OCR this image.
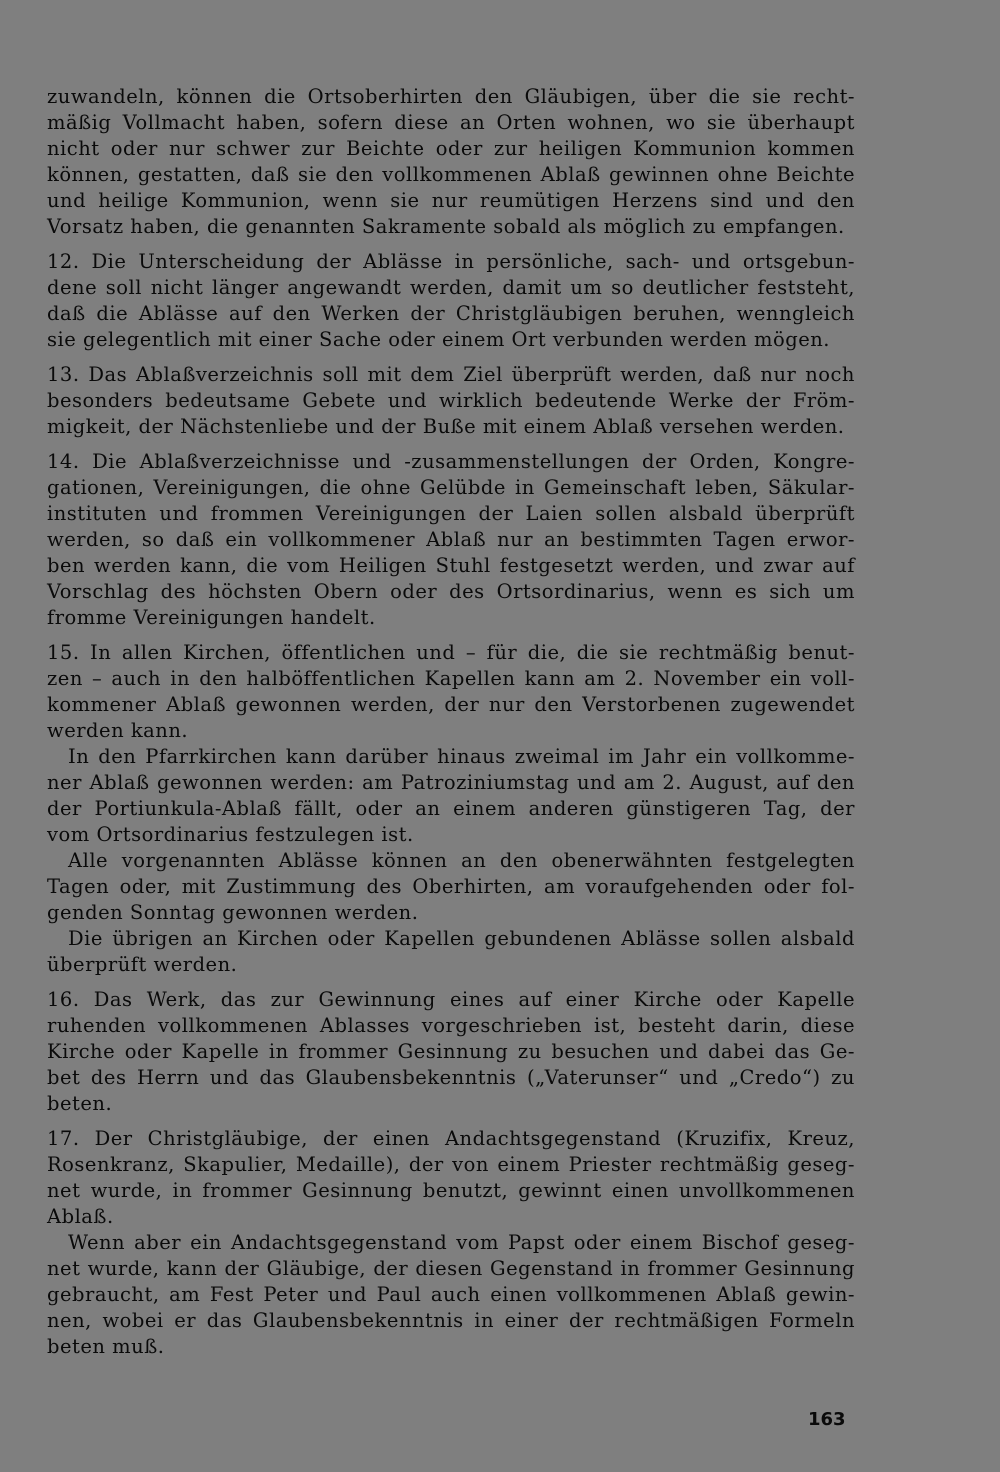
zuwandeln, können die Ortsoberhirten den Gläubigen, über die sie recht-
mäßig Vollmacht haben, sofern diese an Orten wohnen, wo sie überhaupt
nicht oder nur schwer zur Beichte oder zur heiligen Kommunion kommen
können, gestatten, daß sie den vollkommenen Ablaß gewinnen ohne Beichte
und heilige Kommunion, wenn sie nur reumütigen Herzens sind und den
Vorsatz haben, die genannten Sakramente sobald als möglich zu empfangen.
12. Die Unterscheidung der Ablässe in persönliche, sach- und ortsgebun-
dene soll nicht länger angewandt werden, damit um so deutlicher feststeht,
daß die Ablässe auf den Werken der Christgläubigen beruhen, wenngleich
sie gelegentlich mit einer Sache oder einem Ort verbunden werden mögen.
13. Das Ablaßverzeichnis soll mit dem Ziel überprüft werden, daß nur noch
besonders bedeutsame Gebete und wirklich bedeutende Werke der Fröm-
migkeit, der Nächstenliebe und der Buße mit einem Ablaß versehen werden.
14. Die Ablaßverzeichnisse und -zusammenstellungen der Orden, Kongre-
gationen, Vereinigungen, die ohne Gelübde in Gemeinschaft leben, Säkular-
instituten und frommen Vereinigungen der Laien sollen alsbald überprüft
werden, so daß ein vollkommener Ablaß nur an bestimmten Tagen erwor-
ben werden kann, die vom Heiligen Stuhl festgesetzt werden, und zwar auf
Vorschlag des höchsten Obern oder des Ortsordinarius, wenn es sich um
fromme Vereinigungen handelt.
15. In allen Kirchen, öffentlichen und – für die, die sie rechtmäßig benut-
zen – auch in den halböffentlichen Kapellen kann am 2. November ein voll-
kommener Ablaß gewonnen werden, der nur den Verstorbenen zugewendet
werden kann.
In den Pfarrkirchen kann darüber hinaus zweimal im Jahr ein vollkomme-
ner Ablaß gewonnen werden: am Patroziniumstag und am 2. August, auf den
der Portiunkula-Ablaß fällt, oder an einem anderen günstigeren Tag, der
vom Ortsordinarius festzulegen ist.
Alle vorgenannten Ablässe können an den obenerwähnten festgelegten
Tagen oder, mit Zustimmung des Oberhirten, am voraufgehenden oder fol-
genden Sonntag gewonnen werden.
Die übrigen an Kirchen oder Kapellen gebundenen Ablässe sollen alsbald
überprüft werden.
16. Das Werk, das zur Gewinnung eines auf einer Kirche oder Kapelle
ruhenden vollkommenen Ablasses vorgeschrieben ist, besteht darin, diese
Kirche oder Kapelle in frommer Gesinnung zu besuchen und dabei das Ge-
bet des Herrn und das Glaubensbekenntnis („Vaterunser“ und „Credo“) zu
beten.
17. Der Christgläubige, der einen Andachtsgegenstand (Kruzifix, Kreuz,
Rosenkranz, Skapulier, Medaille), der von einem Priester rechtmäßig geseg-
net wurde, in frommer Gesinnung benutzt, gewinnt einen unvollkommenen
Ablaß.
Wenn aber ein Andachtsgegenstand vom Papst oder einem Bischof geseg-
net wurde, kann der Gläubige, der diesen Gegenstand in frommer Gesinnung
gebraucht, am Fest Peter und Paul auch einen vollkommenen Ablaß gewin-
nen, wobei er das Glaubensbekenntnis in einer der rechtmäßigen Formeln
beten muß.
163
